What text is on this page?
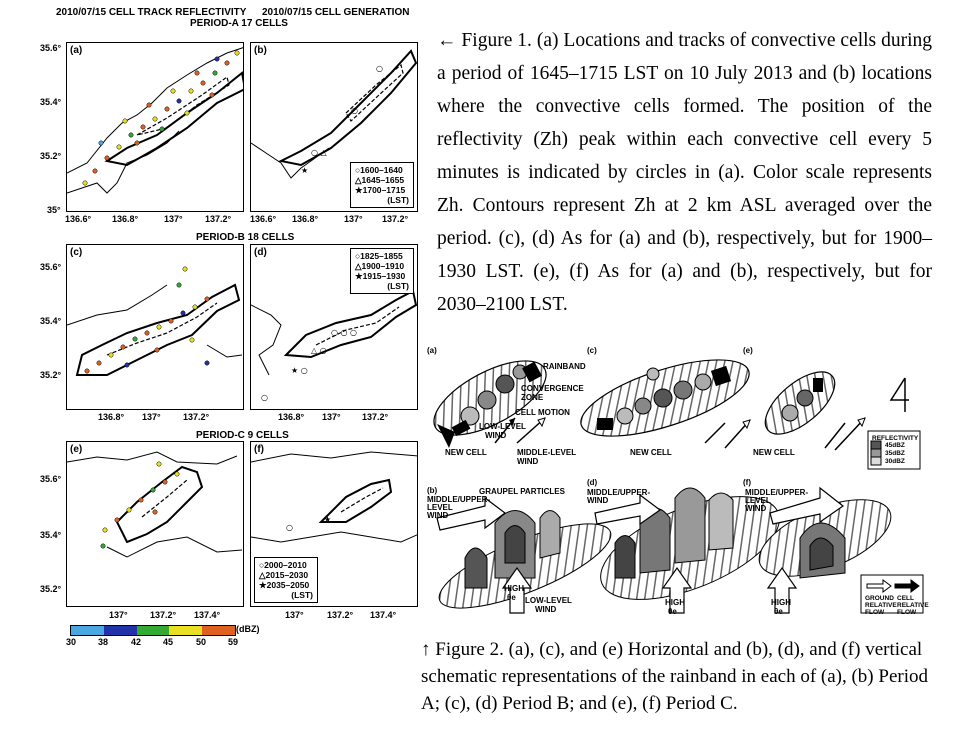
2010/07/15 CELL TRACK REFLECTIVITY 2010/07/15 CELL GENERATION
PERIOD-A 17 CELLS
PERIOD-B 18 CELLS
PERIOD-C 9 CELLS
(a)	(b)
○ △
○
○
★	○1600–1640
△1645–1655
★1700–1715
(LST)
35.6°
35.4°
35.2°
35°
136.6° 136.8°	137° 137.2° 136.6° 136.8°	137° 137.2°
(c)	(d)
○ ○ ○
△ ○
★ ○
○
○1825–1855
△1900–1910
★1915–1930
(LST)
35.6°
35.4°
35.2°
136.8° 137° 137.2°	136.8° 137° 137.2°
(e)	(f)
★
○
○2000–2010
△2015–2030
★2035–2050
(LST)
35.6°
35.4°
35.2°
137° 137.2° 137.4°	137°	137.2° 137.4°
(dBZ)
30 38	42 45	50 59
← Figure 1. (a) Locations and tracks of convective cells during a period of 1645–1715 LST on 10 July 2013 and (b) locations where the convective cells formed. The position of the reflectivity (Zh) peak within each convective cell every 5 minutes is indicated by circles in (a). Color scale represents Zh. Contours represent Zh at 2 km ASL averaged over the period. (c), (d) As for (a) and (b), respectively, but for 1900–1930 LST. (e), (f) As for (a) and (b), respectively, but for 2030–2100 LST.
(a)	(c)	(e)
(b)
(d)	(f)
RAINBAND
CONVERGENCE
ZONE
CELL MOTION
LOW-LEVEL
WIND
MIDDLE-LEVEL
WIND
NEW CELL	NEW CELL	NEW CELL
REFLECTIVITY
45dBZ
35dBZ
30dBZ
GRAUPEL PARTICLES
MIDDLE/UPPER-
LEVEL
WIND
LOW-LEVEL
WIND
HIGH
θe
MIDDLE/UPPER-
WIND
HIGH
θe
MIDDLE/UPPER-
LEVEL
WIND
HIGH
θe
GROUND
RELATIVE
FLOW
CELL
RELATIVE
FLOW
↑ Figure 2. (a), (c), and (e) Horizontal and (b), (d), and (f) vertical schematic representations of the rainband in each of (a), (b) Period A; (c), (d) Period B; and (e), (f) Period C.
